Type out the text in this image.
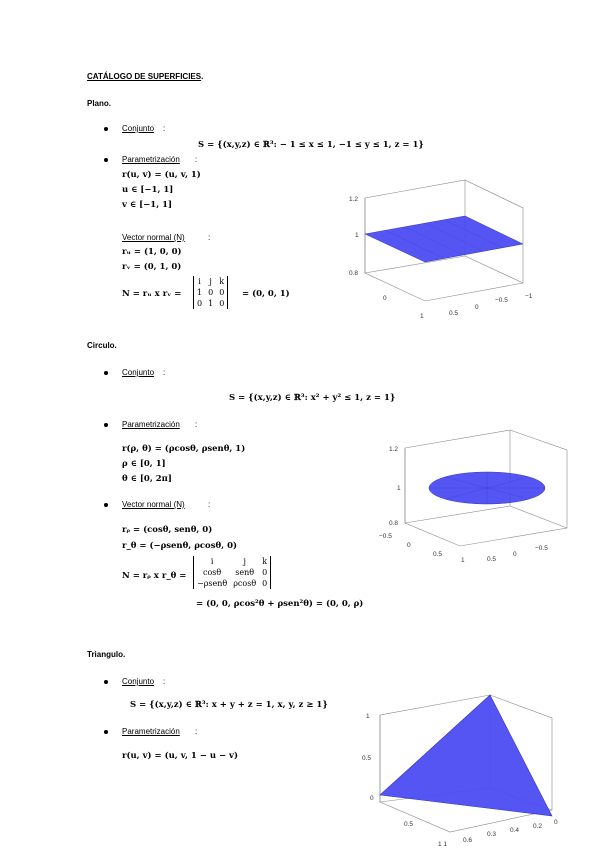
CATÁLOGO DE SUPERFICIES.
Plano.
Conjunto :
S = {(x,y,z) ∈ ℝ³: − 1 ≤ x ≤ 1, −1 ≤ y ≤ 1, z = 1}
Parametrización :
r(u, v) = (u, v, 1)
u ∈ [−1, 1]
v ∈ [−1, 1]
Vector normal (N)	:
rᵤ = (1, 0, 0)
rᵥ = (0, 1, 0)
N = rᵤ x rᵥ =
i	j	k
1	0	0
0	1	0
= (0, 0, 1)
1.2
1
0.8
0
1	0.5
0
−0.5
−1
Circulo.
Conjunto :
S = {(x,y,z) ∈ ℝ³: x² + y² ≤ 1, z = 1}
Parametrización :
r(ρ, θ) = (ρcosθ, ρsenθ, 1)
ρ ∈ [0, 1]
θ ∈ [0, 2π]
Vector normal (N)	:
rᵨ = (cosθ, senθ, 0)
r_θ = (−ρsenθ, ρcosθ, 0)
N = rᵨ x r_θ =
i	j	k
cosθ	senθ	0
−ρsenθ	ρcosθ	0
= (0, 0, ρcos²θ + ρsen²θ) = (0, 0, ρ)
1.2
1
0.8
−0.5
0
0.5
1	0.5
0
−0.5
Triangulo.
Conjunto :
S = {(x,y,z) ∈ ℝ³: x + y + z = 1, x, y, z ≥ 1}
Parametrización :
r(u, v) = (u, v, 1 − u − v)
1
0.5
0
0.5
1 1
0.6
0.3
0.4
0.2
0
